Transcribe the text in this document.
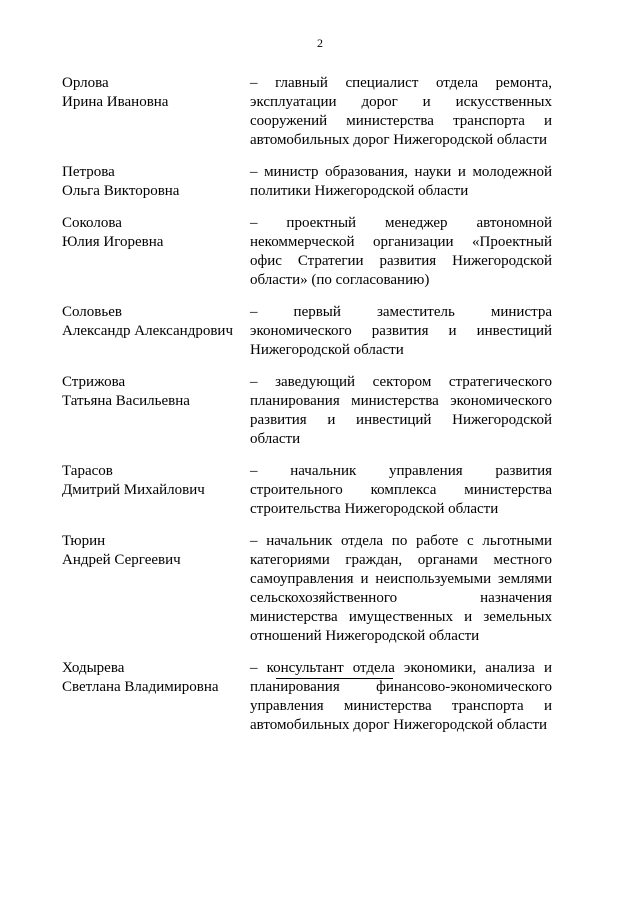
2
Орлова
Ирина Ивановна
– главный специалист отдела ремонта, эксплуатации дорог и искусственных сооружений министерства транспорта и автомобильных дорог Нижегородской области
Петрова
Ольга Викторовна
– министр образования, науки и молодежной политики Нижегородской области
Соколова
Юлия Игоревна
– проектный менеджер автономной некоммерческой организации «Проектный офис Стратегии развития Нижегородской области» (по согласованию)
Соловьев
Александр Александрович
– первый заместитель министра экономического развития и инвестиций Нижегородской области
Стрижова
Татьяна Васильевна
– заведующий сектором стратегического планирования министерства экономического развития и инвестиций Нижегородской области
Тарасов
Дмитрий Михайлович
– начальник управления развития строительного комплекса министерства строительства Нижегородской области
Тюрин
Андрей Сергеевич
– начальник отдела по работе с льготными категориями граждан, органами местного самоуправления и неиспользуемыми землями сельскохозяйственного назначения министерства имущественных и земельных отношений Нижегородской области
Ходырева
Светлана Владимировна
– консультант отдела экономики, анализа и планирования финансово-экономического управления министерства транспорта и автомобильных дорог Нижегородской области
